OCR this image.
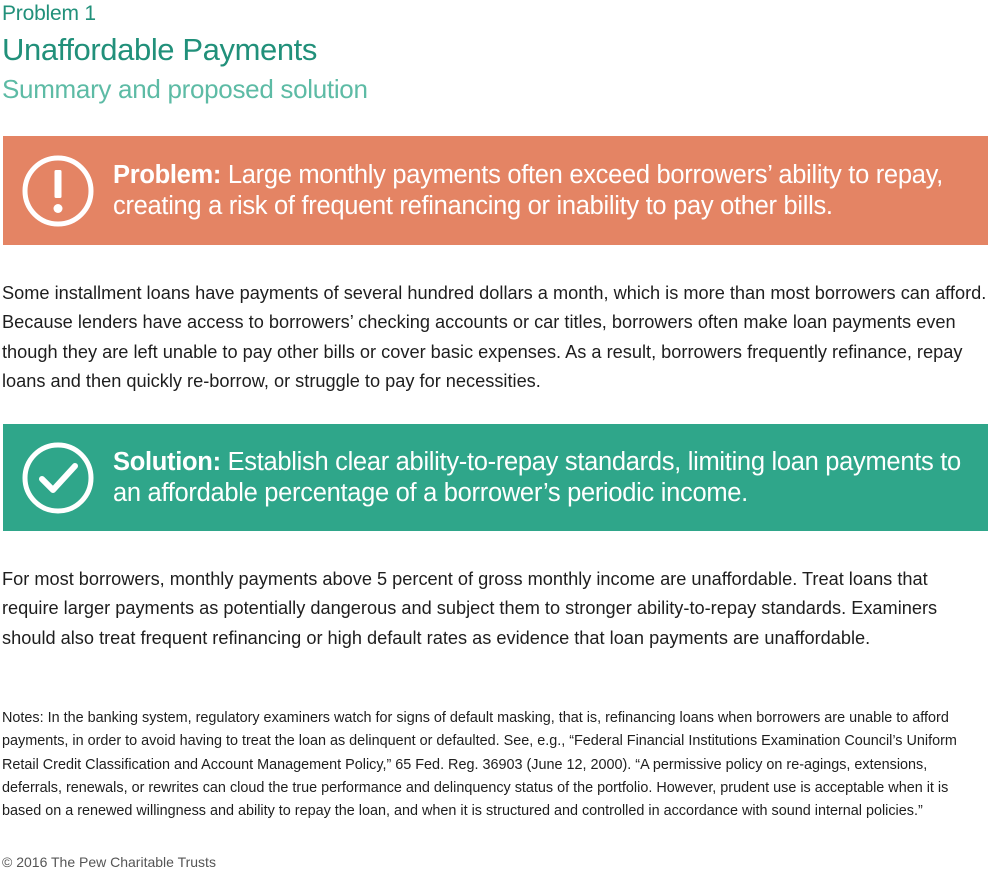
Problem 1
Unaffordable Payments
Summary and proposed solution
Problem: Large monthly payments often exceed borrowers’ ability to repay, creating a risk of frequent refinancing or inability to pay other bills.

Some installment loans have payments of several hundred dollars a month, which is more than most borrowers can afford. Because lenders have access to borrowers’ checking accounts or car titles, borrowers often make loan payments even though they are left unable to pay other bills or cover basic expenses. As a result, borrowers frequently refinance, repay loans and then quickly re-borrow, or struggle to pay for necessities.

Solution: Establish clear ability-to-repay standards, limiting loan payments to an affordable percentage of a borrower’s periodic income.

For most borrowers, monthly payments above 5 percent of gross monthly income are unaffordable. Treat loans that require larger payments as potentially dangerous and subject them to stronger ability-to-repay standards. Examiners should also treat frequent refinancing or high default rates as evidence that loan payments are unaffordable.

Notes: In the banking system, regulatory examiners watch for signs of default masking, that is, refinancing loans when borrowers are unable to afford payments, in order to avoid having to treat the loan as delinquent or defaulted. See, e.g., “Federal Financial Institutions Examination Council’s Uniform Retail Credit Classification and Account Management Policy,” 65 Fed. Reg. 36903 (June 12, 2000). “A permissive policy on re-agings, extensions, deferrals, renewals, or rewrites can cloud the true performance and delinquency status of the portfolio. However, prudent use is acceptable when it is based on a renewed willingness and ability to repay the loan, and when it is structured and controlled in accordance with sound internal policies.”

© 2016 The Pew Charitable Trusts
